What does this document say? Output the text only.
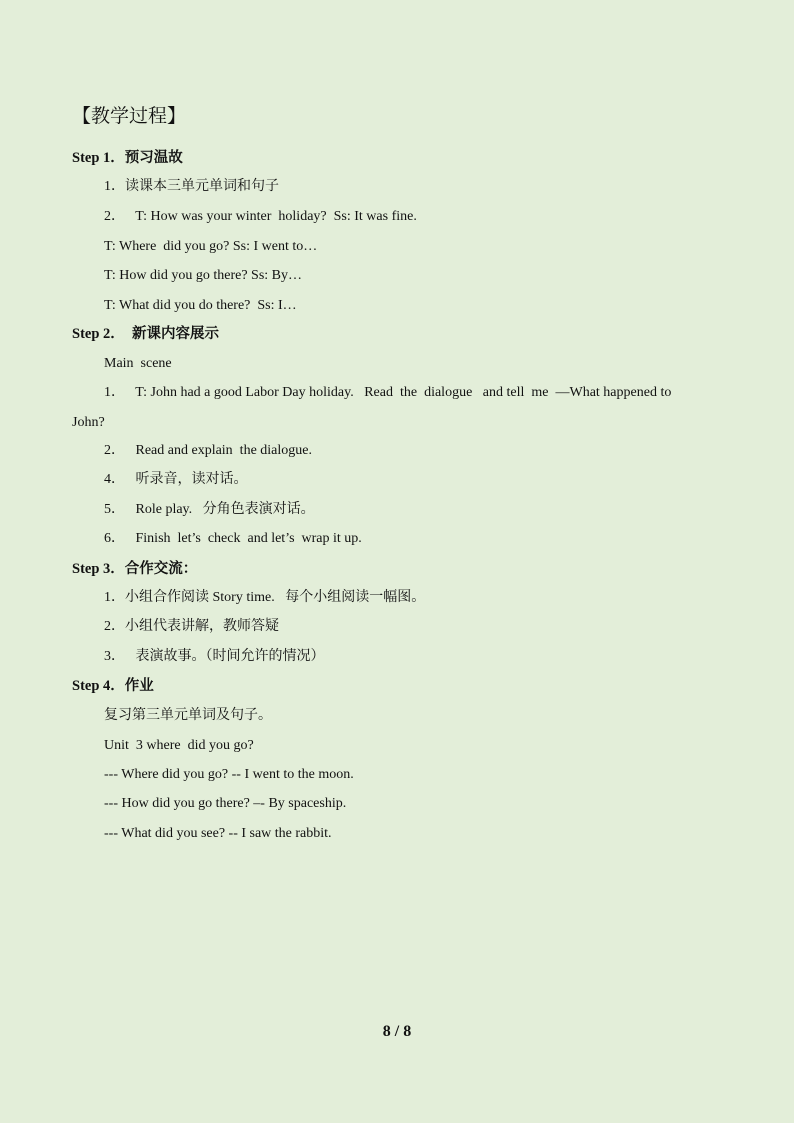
【教学过程】
Step 1．预习温故
1．读课本三单元单词和句子
2．   T: How was your winter  holiday?  Ss: It was fine.
T: Where  did you go? Ss: I went to…
T: How did you go there? Ss: By…
T: What did you do there?  Ss: I…
Step 2．  新课内容展示
Main  scene
1．   T: John had a good Labor Day holiday.   Read  the  dialogue   and tell  me  —What happened to
John?
2．   Read and explain  the dialogue.
4．   听录音，读对话。
5．   Role play.   分角色表演对话。
6．   Finish  let’s  check  and let’s  wrap it up.
Step 3．合作交流：
1．小组合作阅读 Story time.   每个小组阅读一幅图。
2．小组代表讲解，教师答疑
3．   表演故事。（时间允许的情况）
Step 4．作业
复习第三单元单词及句子。
Unit  3 where  did you go?
--- Where did you go? -- I went to the moon.
--- How did you go there? –- By spaceship.
--- What did you see? -- I saw the rabbit.
8 / 8
